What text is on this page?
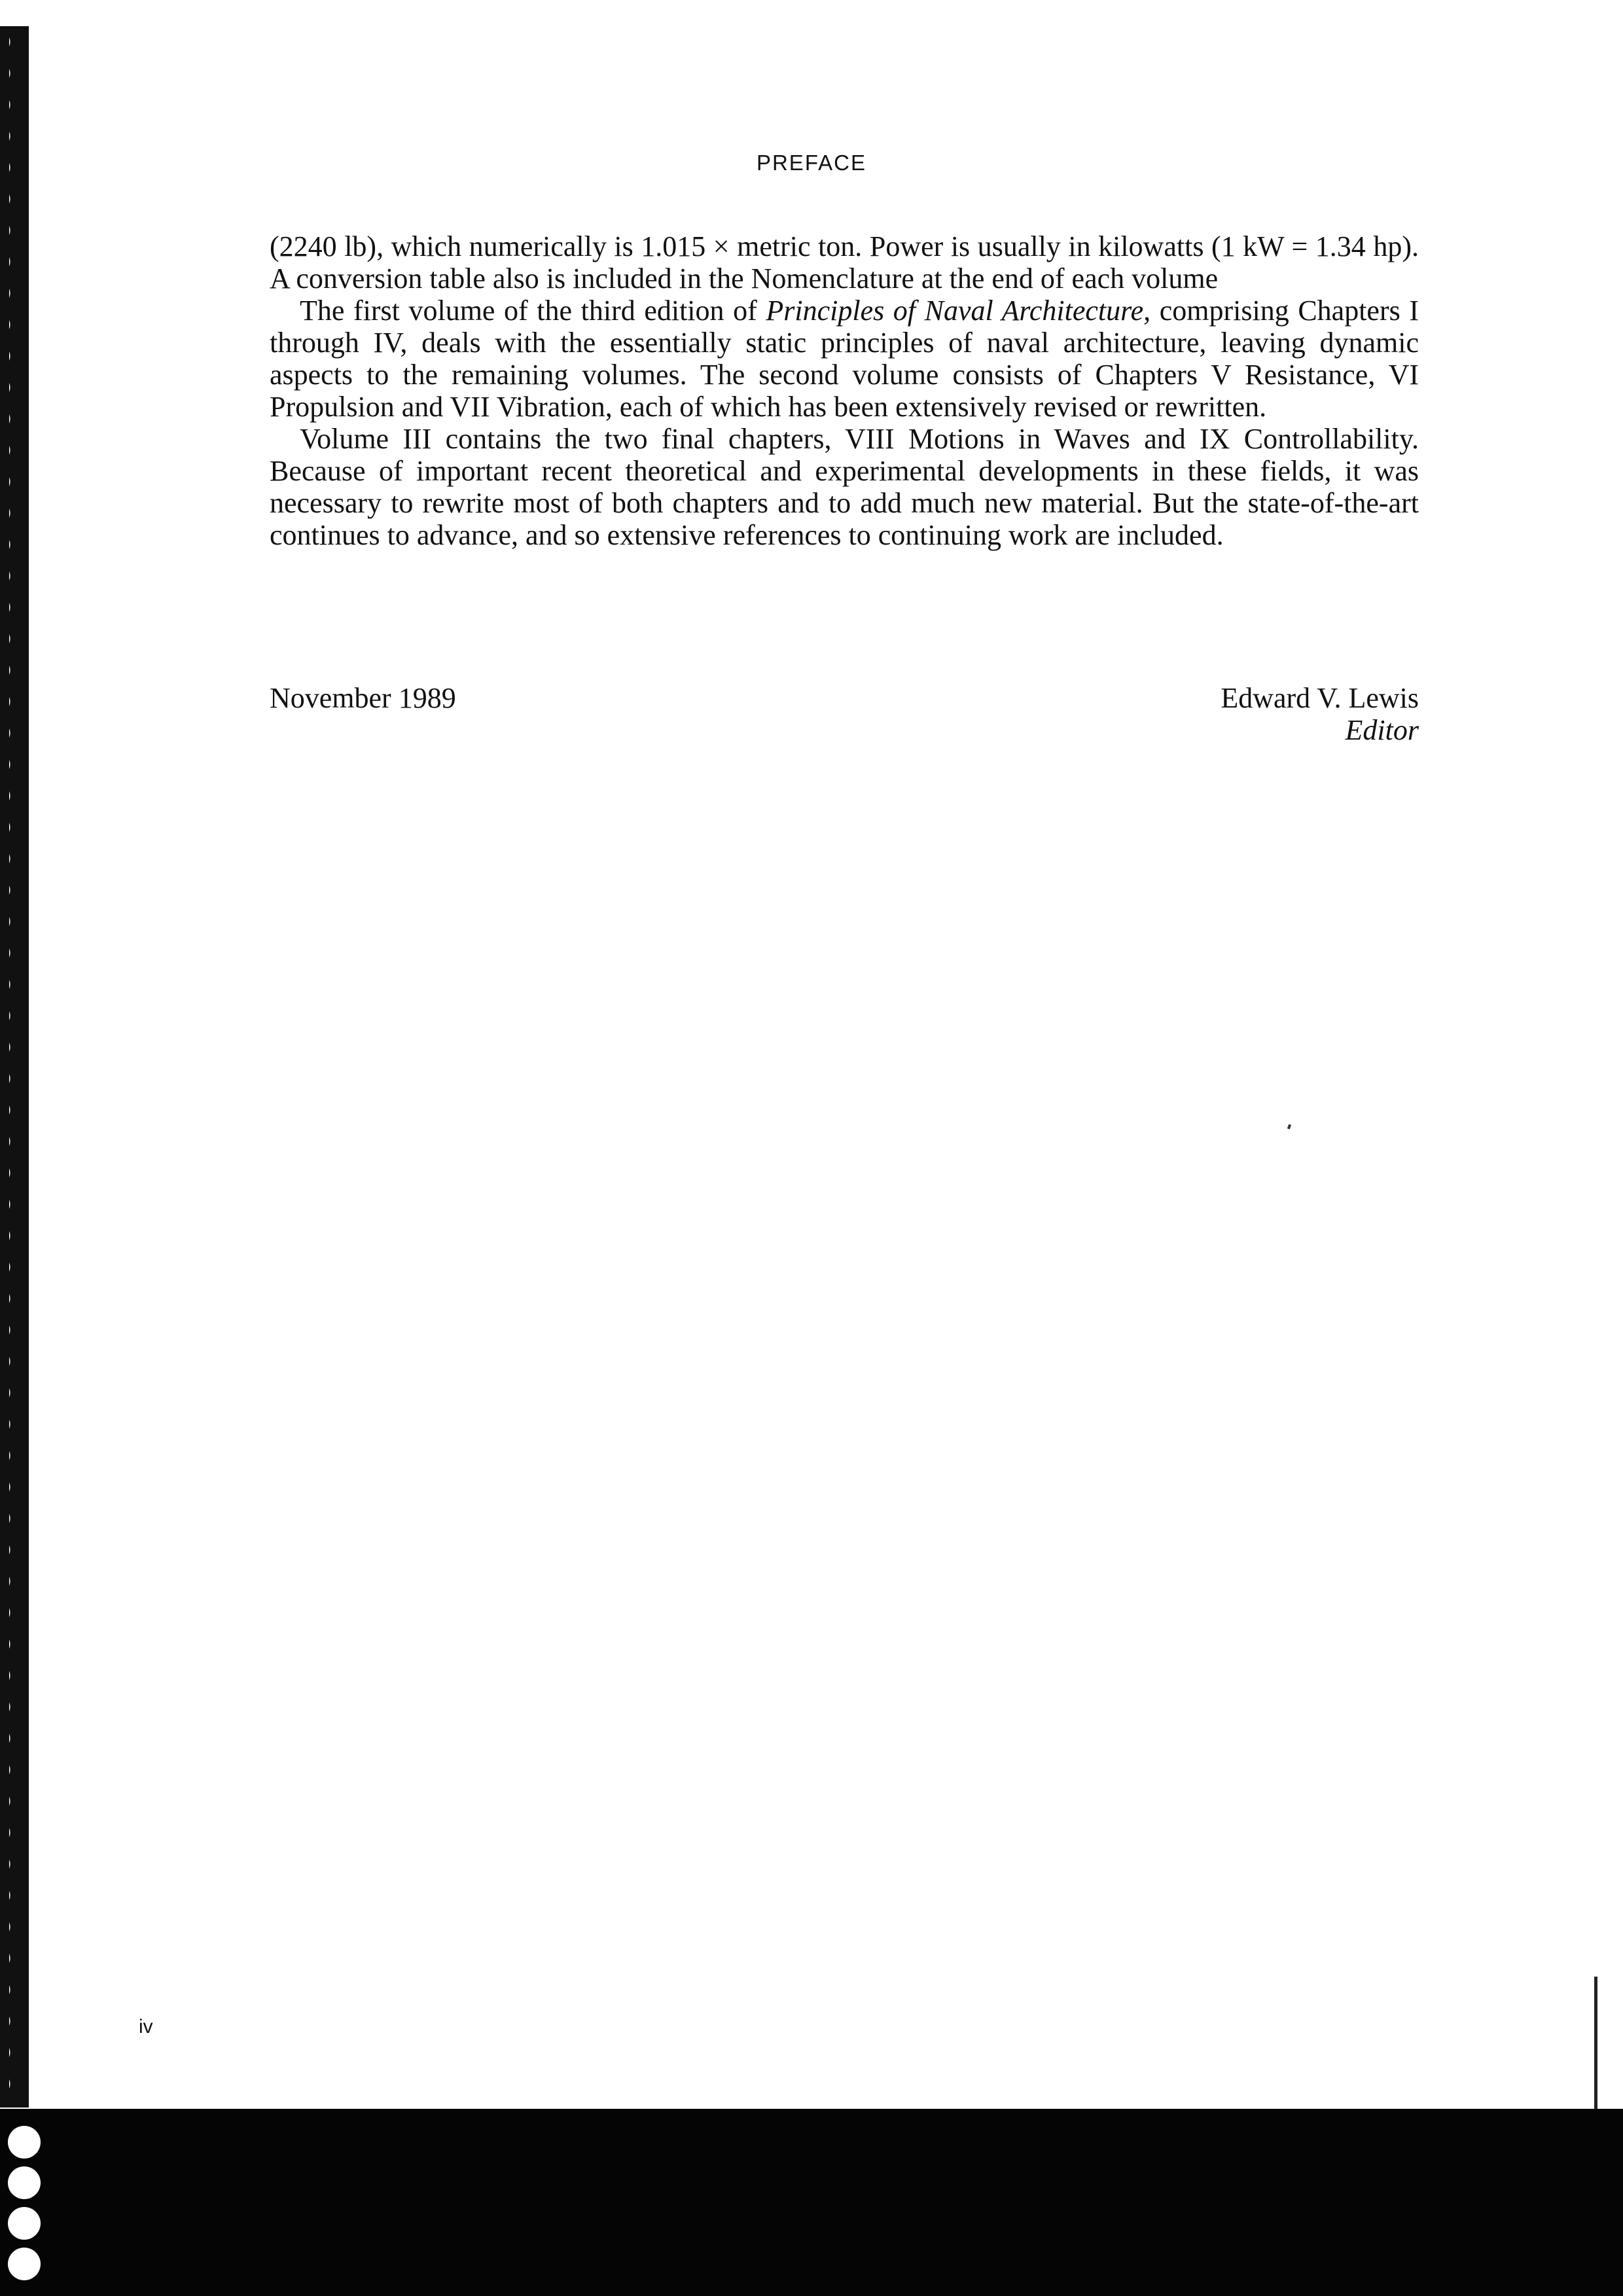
PREFACE

(2240 lb), which numerically is 1.015 × metric ton. Power is usually in kilowatts (1 kW = 1.34 hp). A conversion table also is included in the Nomenclature at the end of each volume

The first volume of the third edition of Principles of Naval Architecture, comprising Chapters I through IV, deals with the essentially static principles of naval architecture, leaving dynamic aspects to the remaining volumes. The second volume consists of Chapters V Resistance, VI Propulsion and VII Vibration, each of which has been extensively revised or rewritten.

Volume III contains the two final chapters, VIII Motions in Waves and IX Controllability. Because of important recent theoretical and experimental developments in these fields, it was necessary to rewrite most of both chapters and to add much new material. But the state-of-the-art continues to advance, and so extensive references to continuing work are included.

November 1989	Edward V. Lewis
Editor
iv
